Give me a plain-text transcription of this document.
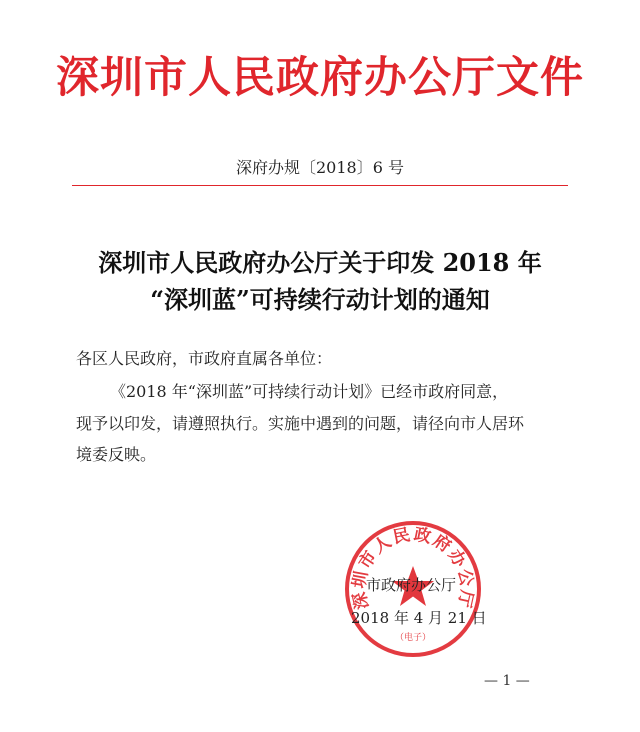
深圳市人民政府办公厅文件
深府办规〔2018〕6 号
深圳市人民政府办公厅关于印发 2018 年
“深圳蓝”可持续行动计划的通知
各区人民政府，市政府直属各单位：
《2018 年“深圳蓝”可持续行动计划》已经市政府同意，
现予以印发，请遵照执行。实施中遇到的问题，请径向市人居环
境委反映。
深圳市人民政府办公厅
（电子）
市政府办公厅
2018 年 4 月 21 日
— 1 —
